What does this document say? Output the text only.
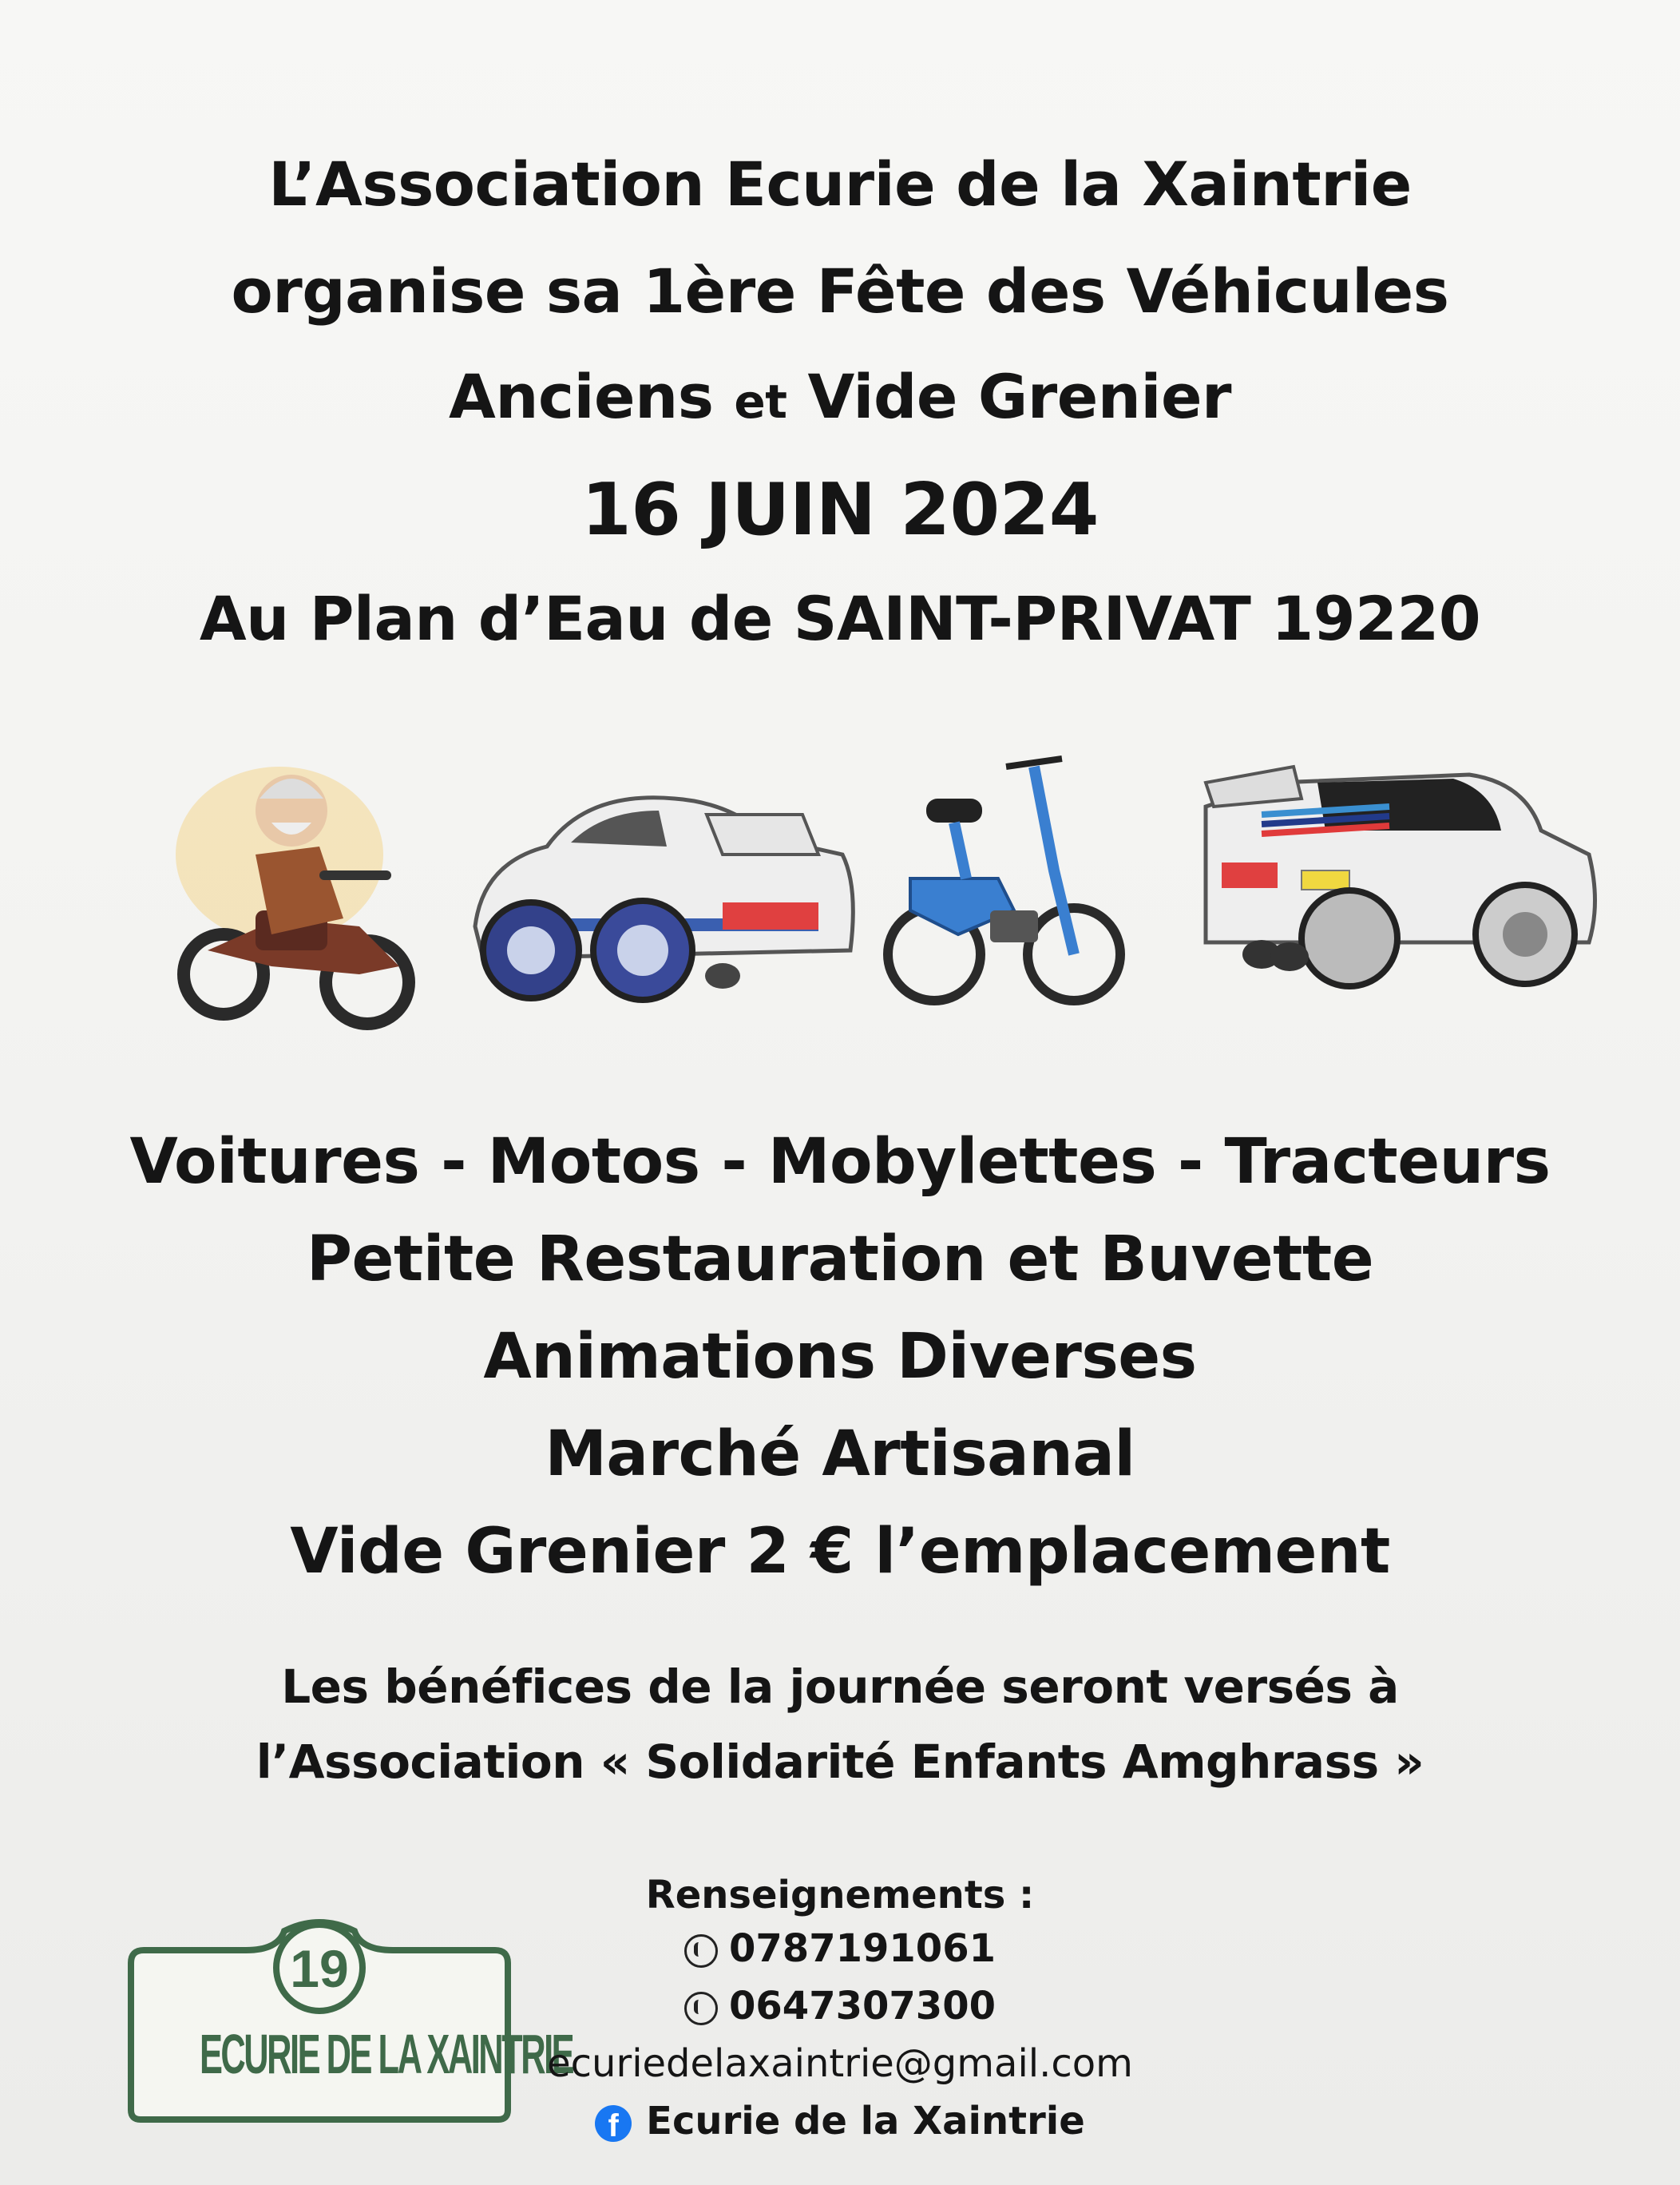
L’Association Ecurie de la Xaintrie
organise sa 1ère Fête des Véhicules
Anciens et Vide Grenier
16 JUIN 2024
Au Plan d’Eau de SAINT-PRIVAT 19220
Voitures - Motos - Mobylettes - Tracteurs
Petite Restauration et Buvette
Animations Diverses
Marché Artisanal
Vide Grenier 2 € l’emplacement
Les bénéfices de la journée seront versés à
l’Association « Solidarité Enfants Amghrass »
19
ECURIE DE LA XAINTRIE
Renseignements :
0787191061
0647307300
ecuriedelaxaintrie@gmail.com
f Ecurie de la Xaintrie
